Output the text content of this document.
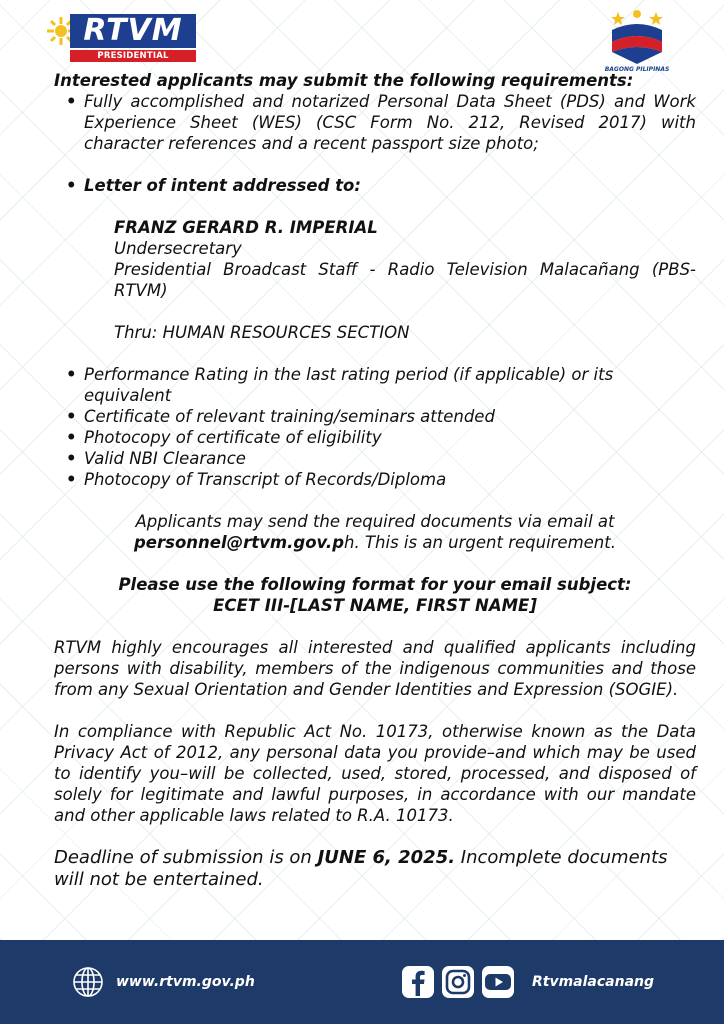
RTVM
PRESIDENTIAL BROADCAST	BAGONG PILIPINAS
Interested applicants may submit the following requirements:
• Fully accomplished and notarized Personal Data Sheet (PDS) and Work Experience Sheet (WES) (CSC Form No. 212, Revised 2017) with character references and a recent passport size photo;
• Letter of intent addressed to:
FRANZ GERARD R. IMPERIAL
Undersecretary
Presidential Broadcast Staff - Radio Television Malacañang (PBS-RTVM)
Thru: HUMAN RESOURCES SECTION
• Performance Rating in the last rating period (if applicable) or its equivalent
• Certificate of relevant training/seminars attended
• Photocopy of certificate of eligibility
• Valid NBI Clearance
• Photocopy of Transcript of Records/Diploma
Applicants may send the required documents via email at
personnel@rtvm.gov.ph. This is an urgent requirement.
Please use the following format for your email subject:
ECET III-[LAST NAME, FIRST NAME]
RTVM highly encourages all interested and qualified applicants including persons with disability, members of the indigenous communities and those from any Sexual Orientation and Gender Identities and Expression (SOGIE).
In compliance with Republic Act No. 10173, otherwise known as the Data Privacy Act of 2012, any personal data you provide–and which may be used to identify you–will be collected, used, stored, processed, and disposed of solely for legitimate and lawful purposes, in accordance with our mandate and other applicable laws related to R.A. 10173.
Deadline of submission is on JUNE 6, 2025. Incomplete documents will not be entertained.
www.rtvm.gov.ph	Rtvmalacanang
